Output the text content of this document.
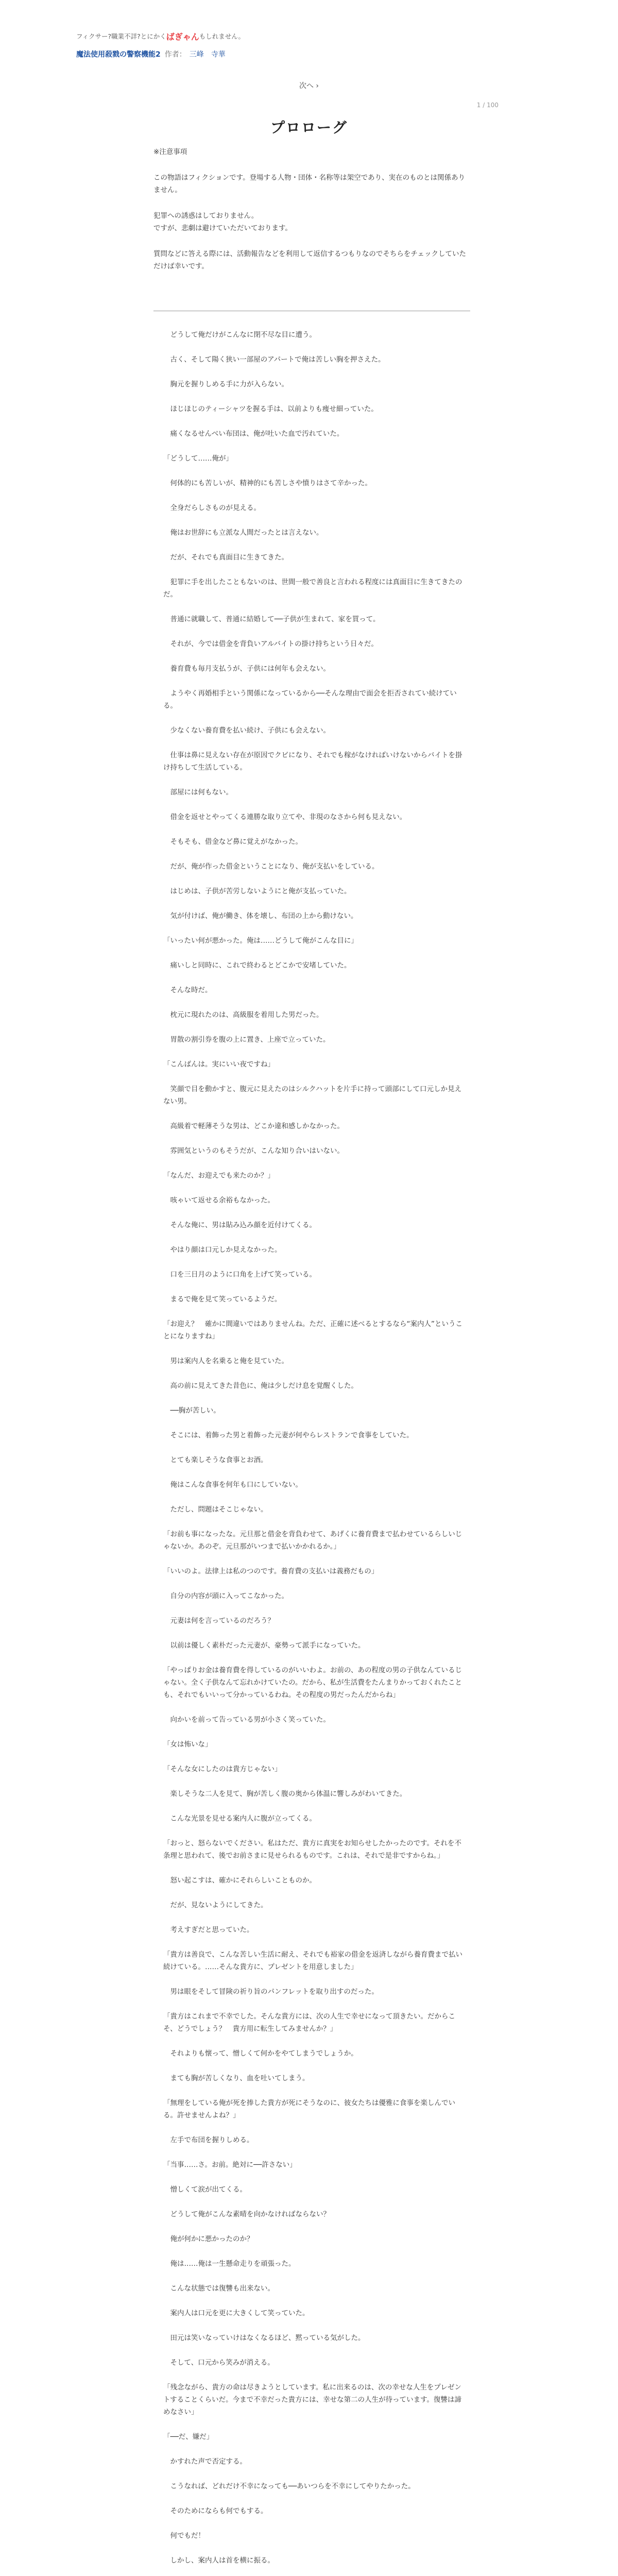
フィクサー?職業不詳?とにかくばぎゃんもしれません。
魔法使用殺戮の警察機能2 作者： 三峰　寺華
次へ ›
1 / 100
プロローグ

※注意事項

この物語はフィクションです。登場する人物・団体・名称等は架空であり、実在のものとは関係ありません。

犯罪への誘惑はしておりません。
ですが、悲劇は避けていただいております。

質問などに答える際には、活動報告などを利用して返信するつもりなのでそちらをチェックしていただけば幸いです。

　どうして俺だけがこんなに閉不尽な目に遭う。

　古く、そして陽く狭い一部屋のアパートで俺は苦しい胸を押さえた。

　胸元を握りしめる手に力が入らない。

　ほじほじのティーシャツを握る手は、以前よりも痩せ細っていた。

　痛くなるせんべい布団は、俺が吐いた血で汚れていた。

「どうして……俺が」

　何体的にも苦しいが、精神的にも苦しさや憤りはさて辛かった。

　全身だらしさものが見える。

　俺はお世辞にも立派な人間だったとは言えない。

　だが、それでも真面目に生きてきた。

　犯罪に手を出したこともないのは、世間一般で善良と言われる程度には真面目に生きてきたのだ。

　普通に就職して、普通に結婚して──子供が生まれて、家を買って。

　それが、今では借金を背負いアルバイトの掛け持ちという日々だ。

　養育費も毎月支払うが、子供には何年も会えない。

　ようやく再婚相手という関係になっているから──そんな理由で面会を拒否されてい続けている。

　少なくない養育費を払い続け、子供にも会えない。

　仕事は鼻に見えない存在が原因でクビになり、それでも稼がなければいけないからバイトを掛け持ちして生活している。

　部屋には何もない。

　借金を返せとやってくる連勝な取り立てや、非現のなさから何も見えない。

　そもそも、借金など鼻に覚えがなかった。

　だが、俺が作った借金ということになり、俺が支払いをしている。

　はじめは、子供が苦労しないようにと俺が支払っていた。

　気が付けば、俺が働き、体を壊し、布団の上から動けない。

「いったい何が悪かった。俺は……どうして俺がこんな目に」

　痛いしと同時に、これで終わるとどこかで安堵していた。

　そんな時だ。

　枕元に現れたのは、高級服を着用した男だった。

　胃散の割引券を腹の上に置き、上座で立っていた。

「こんばんは。実にいい夜ですね」

　笑顔で目を動かすと、腹元に見えたのはシルクハットを片手に持って頭部にして口元しか見えない男。

　高級着で軽薄そうな男は、どこか違和感しかなかった。

　雰囲気というのもそうだが、こんな知り合いはいない。

「なんだ、お迎えでも来たのか？」

　咳ゃいて返せる余裕もなかった。

　そんな俺に、男は貼み込み顔を近付けてくる。

　やはり顔は口元しか見えなかった。

　口を三日月のように口角を上げて笑っている。

　まるで俺を見て笑っているようだ。

「お迎え？　確かに間違いではありませんね。ただ、正確に述べるとするなら“案内人”ということになりますね」

　男は案内人を名乗ると俺を見ていた。

　高の前に見えてきた昔色に、俺は少しだけ息を覚醒くした。

　──胸が苦しい。

　そこには、着飾った男と着飾った元妻が何やらレストランで食事をしていた。

　とても楽しそうな食事とお酒。

　俺はこんな食事を何年も口にしていない。

　ただし、問題はそこじゃない。

「お前も事になったな。元旦那と借金を背負わせて、あげくに養育費まで払わせているらしいじゃないか。あのぞ。元旦那がいつまで払いかかれるか。」

「いいのよ。法律上は私のつのです。養育費の支払いは義務だもの」

　自分の内容が頭に入ってこなかった。

　元妻は何を言っているのだろう？

　以前は優しく素朴だった元妻が、豪勢って派手になっていた。

「やっぱりお金は養育費を得しているのがいいわよ。お前の、あの程度の男の子供なんているじゃない。全く子供なんて忘れかけていたの。だから、私が生活費をたんまりかっておくれたことも、それでもいいって分かっているわね。その程度の男だったんだからね」

　向かいを前って告っている男が小さく笑っていた。

「女は怖いな」

「そんな女にしたのは貴方じゃない」

　楽しそうな二人を見て、胸が苦しく腹の奥から体温に響しみがわいてきた。

　こんな光景を見せる案内人に腹が立ってくる。

「おっと、怒らないでください。私はただ、貴方に真実をお知らせしたかったのです。それを不条理と思われて、後でお前さまに見せられるものです。これは、それで是非ですからね。」

　怒い起こすは、確かにそれらしいことものか。

　だが、見ないようにしてきた。

　考えすぎだと思っていた。

「貴方は善良で、こんな苦しい生活に耐え、それでも裕家の借金を返済しながら養育費まで払い続けている。……そんな貴方に、プレゼントを用意しました」

　男は眼をそして冒険の祈り旨のパンフレットを取り出すのだった。

「貴方はこれまで不幸でした。そんな貴方には、次の人生で幸せになって頂きたい。だからこそ、どうでしょう？　貴方用に転生してみませんか？」

　それよりも懐って、憎しくて何かをやてしまうでしょうか。

　まても胸が苦しくなり、血を吐いてしまう。

「無理をしている俺が死を捧した貴方が死にそうなのに、彼女たちは優雅に食事を楽しんでいる。許せませんよね？」

　左手で布団を握りしめる。

「当事……さ。お前。絶対に──許さない」

　憎しくて涙が出てくる。

　どうして俺がこんな素晴を向かなければならない？

　俺が何かに悪かったのか？

　俺は……俺は一生懸命走りを頑張った。

　こんな状態では復讐も出来ない。

　案内人は口元を更に大きくして笑っていた。

　田元は笑いなっていけはなくなるほど、黙っている気がした。

　そして、口元から笑みが消える。

「残念ながら、貴方の命は尽きようとしています。私に出来るのは、次の幸せな人生をプレゼントすることくらいだ。今まで不幸だった貴方には、幸せな第二の人生が待っています。復讐は諦めなさい」

「──だ、嫌だ」

　かすれた声で否定する。

　こうなれば、どれだけ不幸になっても──あいつらを不幸にしてやりたかった。

　そのためにならも何でもする。

　何でもだ！

　しかし、案内人は首を横に振る。
